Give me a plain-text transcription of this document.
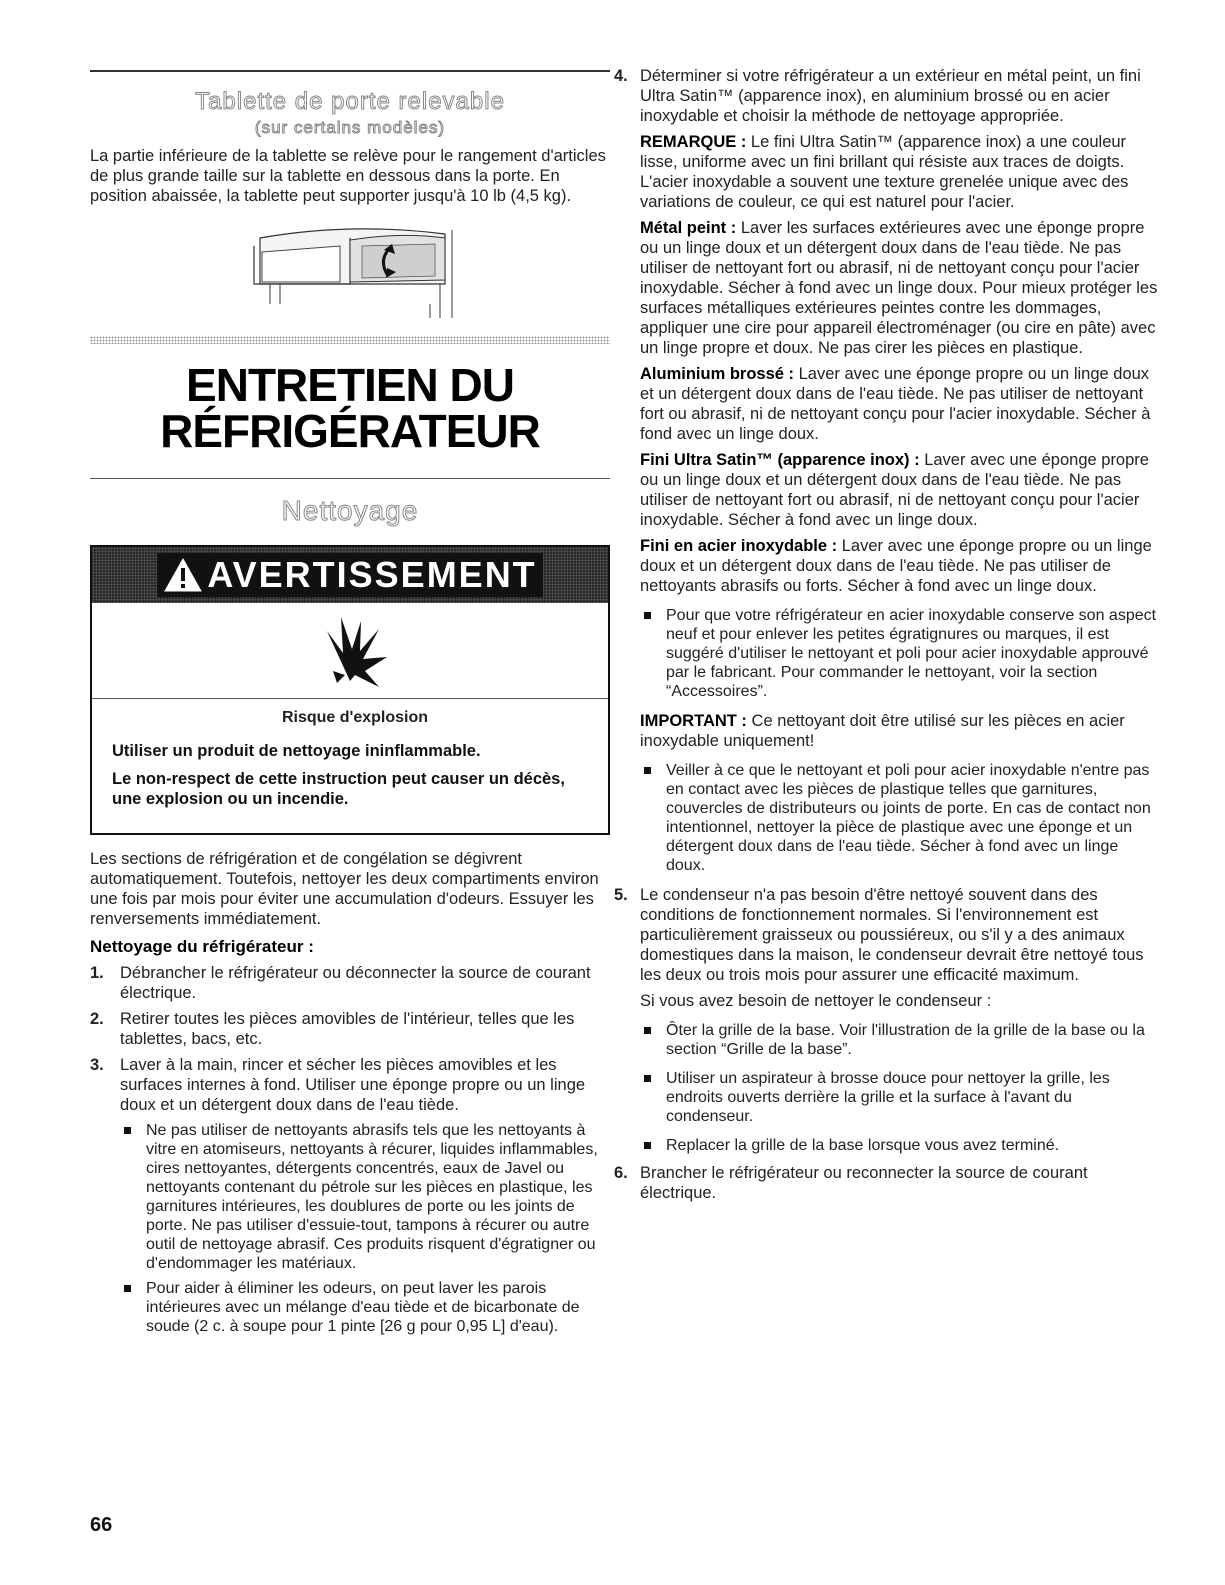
Tablette de porte relevable
(sur certains modèles)

La partie inférieure de la tablette se relève pour le rangement d'articles de plus grande taille sur la tablette en dessous dans la porte. En position abaissée, la tablette peut supporter jusqu'à 10 lb (4,5 kg).

ENTRETIEN DU
RÉFRIGÉRATEUR
Nettoyage
AVERTISSEMENT
Risque d'explosion
Utiliser un produit de nettoyage ininflammable.
Le non-respect de cette instruction peut causer un décès, une explosion ou un incendie.

Les sections de réfrigération et de congélation se dégivrent automatiquement. Toutefois, nettoyer les deux compartiments environ une fois par mois pour éviter une accumulation d'odeurs. Essuyer les renversements immédiatement.

Nettoyage du réfrigérateur :
1. Débrancher le réfrigérateur ou déconnecter la source de courant électrique.
2. Retirer toutes les pièces amovibles de l'intérieur, telles que les tablettes, bacs, etc.
3. Laver à la main, rincer et sécher les pièces amovibles et les surfaces internes à fond. Utiliser une éponge propre ou un linge doux et un détergent doux dans de l'eau tiède.
Ne pas utiliser de nettoyants abrasifs tels que les nettoyants à vitre en atomiseurs, nettoyants à récurer, liquides inflammables, cires nettoyantes, détergents concentrés, eaux de Javel ou nettoyants contenant du pétrole sur les pièces en plastique, les garnitures intérieures, les doublures de porte ou les joints de porte. Ne pas utiliser d'essuie-tout, tampons à récurer ou autre outil de nettoyage abrasif. Ces produits risquent d'égratigner ou d'endommager les matériaux.
Pour aider à éliminer les odeurs, on peut laver les parois intérieures avec un mélange d'eau tiède et de bicarbonate de soude (2 c. à soupe pour 1 pinte [26 g pour 0,95 L] d'eau).
4. Déterminer si votre réfrigérateur a un extérieur en métal peint, un fini Ultra Satin™ (apparence inox), en aluminium brossé ou en acier inoxydable et choisir la méthode de nettoyage appropriée.

REMARQUE : Le fini Ultra Satin™ (apparence inox) a une couleur lisse, uniforme avec un fini brillant qui résiste aux traces de doigts. L'acier inoxydable a souvent une texture grenelée unique avec des variations de couleur, ce qui est naturel pour l'acier.

Métal peint : Laver les surfaces extérieures avec une éponge propre ou un linge doux et un détergent doux dans de l'eau tiède. Ne pas utiliser de nettoyant fort ou abrasif, ni de nettoyant conçu pour l'acier inoxydable. Sécher à fond avec un linge doux. Pour mieux protéger les surfaces métalliques extérieures peintes contre les dommages, appliquer une cire pour appareil électroménager (ou cire en pâte) avec un linge propre et doux. Ne pas cirer les pièces en plastique.

Aluminium brossé : Laver avec une éponge propre ou un linge doux et un détergent doux dans de l'eau tiède. Ne pas utiliser de nettoyant fort ou abrasif, ni de nettoyant conçu pour l'acier inoxydable. Sécher à fond avec un linge doux.

Fini Ultra Satin™ (apparence inox) : Laver avec une éponge propre ou un linge doux et un détergent doux dans de l'eau tiède. Ne pas utiliser de nettoyant fort ou abrasif, ni de nettoyant conçu pour l'acier inoxydable. Sécher à fond avec un linge doux.

Fini en acier inoxydable : Laver avec une éponge propre ou un linge doux et un détergent doux dans de l'eau tiède. Ne pas utiliser de nettoyants abrasifs ou forts. Sécher à fond avec un linge doux.

Pour que votre réfrigérateur en acier inoxydable conserve son aspect neuf et pour enlever les petites égratignures ou marques, il est suggéré d'utiliser le nettoyant et poli pour acier inoxydable approuvé par le fabricant. Pour commander le nettoyant, voir la section “Accessoires”.

IMPORTANT : Ce nettoyant doit être utilisé sur les pièces en acier inoxydable uniquement!

Veiller à ce que le nettoyant et poli pour acier inoxydable n'entre pas en contact avec les pièces de plastique telles que garnitures, couvercles de distributeurs ou joints de porte. En cas de contact non intentionnel, nettoyer la pièce de plastique avec une éponge et un détergent doux dans de l'eau tiède. Sécher à fond avec un linge doux.
5. Le condenseur n'a pas besoin d'être nettoyé souvent dans des conditions de fonctionnement normales. Si l'environnement est particulièrement graisseux ou poussiéreux, ou s'il y a des animaux domestiques dans la maison, le condenseur devrait être nettoyé tous les deux ou trois mois pour assurer une efficacité maximum.

Si vous avez besoin de nettoyer le condenseur :

Ôter la grille de la base. Voir l'illustration de la grille de la base ou la section “Grille de la base”.
Utiliser un aspirateur à brosse douce pour nettoyer la grille, les endroits ouverts derrière la grille et la surface à l'avant du condenseur.
Replacer la grille de la base lorsque vous avez terminé.
6. Brancher le réfrigérateur ou reconnecter la source de courant électrique.
66
